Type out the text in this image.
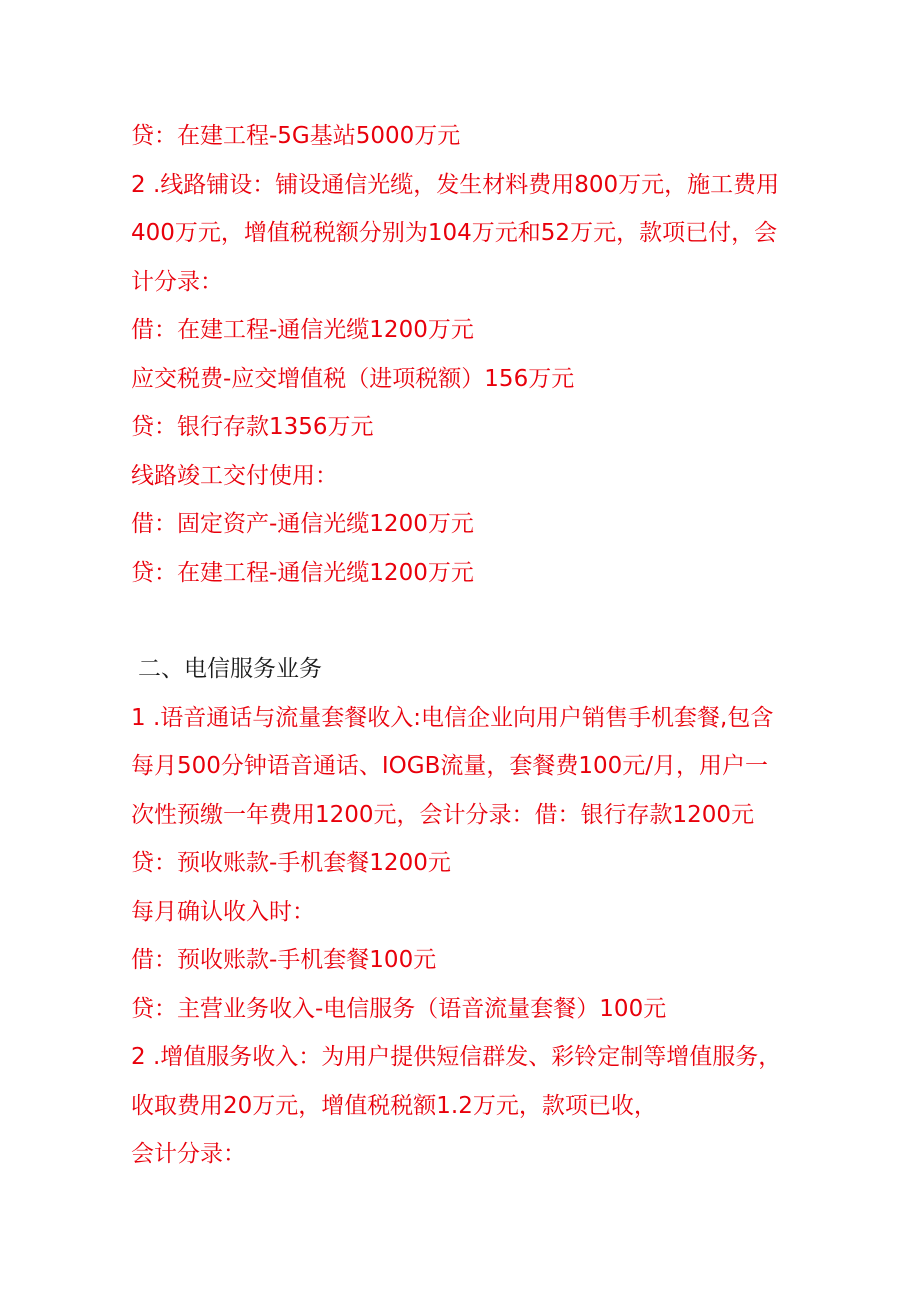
贷：在建工程-5G基站5000万元
2 .线路铺设：铺设通信光缆，发生材料费用800万元，施工费用
400万元，增值税税额分别为104万元和52万元，款项已付，会
计分录：
借：在建工程-通信光缆1200万元
应交税费-应交增值税（进项税额）156万元
贷：银行存款1356万元
线路竣工交付使用：
借：固定资产-通信光缆1200万元
贷：在建工程-通信光缆1200万元
二、电信服务业务
1 .语音通话与流量套餐收入:电信企业向用户销售手机套餐,包含
每月500分钟语音通话、IOGB流量，套餐费100元/月，用户一
次性预缴一年费用1200元，会计分录：借：银行存款1200元
贷：预收账款-手机套餐1200元
每月确认收入时：
借：预收账款-手机套餐100元
贷：主营业务收入-电信服务（语音流量套餐）100元
2 .增值服务收入：为用户提供短信群发、彩铃定制等增值服务，
收取费用20万元，增值税税额1.2万元，款项已收，
会计分录：
